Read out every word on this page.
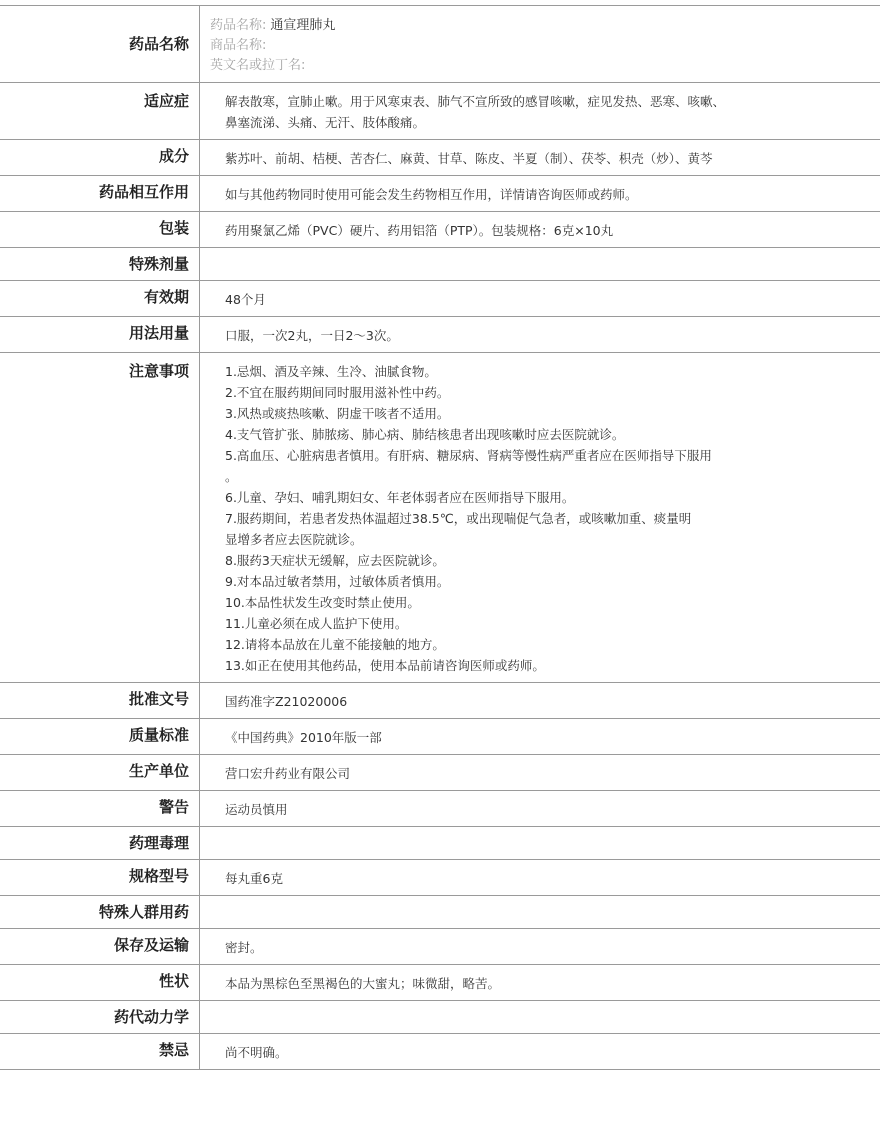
药品名称
药品名称: 通宣理肺丸
商品名称:
英文名或拉丁名:
适应症	解表散寒，宣肺止嗽。用于风寒束表、肺气不宣所致的感冒咳嗽，症见发热、恶寒、咳嗽、
鼻塞流涕、头痛、无汗、肢体酸痛。
成分	紫苏叶、前胡、桔梗、苦杏仁、麻黄、甘草、陈皮、半夏（制）、茯苓、枳壳（炒）、黄芩
药品相互作用	如与其他药物同时使用可能会发生药物相互作用，详情请咨询医师或药师。
包装	药用聚氯乙烯（PVC）硬片、药用铝箔（PTP）。包装规格：6克×10丸
特殊剂量
有效期	48个月
用法用量	口服，一次2丸，一日2～3次。
注意事项	1.忌烟、酒及辛辣、生冷、油腻食物。
2.不宜在服药期间同时服用滋补性中药。
3.风热或痰热咳嗽、阴虚干咳者不适用。
4.支气管扩张、肺脓疡、肺心病、肺结核患者出现咳嗽时应去医院就诊。
5.高血压、心脏病患者慎用。有肝病、糖尿病、肾病等慢性病严重者应在医师指导下服用
。
6.儿童、孕妇、哺乳期妇女、年老体弱者应在医师指导下服用。
7.服药期间，若患者发热体温超过38.5℃，或出现喘促气急者，或咳嗽加重、痰量明
显增多者应去医院就诊。
8.服药3天症状无缓解，应去医院就诊。
9.对本品过敏者禁用，过敏体质者慎用。
10.本品性状发生改变时禁止使用。
11.儿童必须在成人监护下使用。
12.请将本品放在儿童不能接触的地方。
13.如正在使用其他药品，使用本品前请咨询医师或药师。
批准文号	国药准字Z21020006
质量标准	《中国药典》2010年版一部
生产单位	营口宏升药业有限公司
警告	运动员慎用
药理毒理
规格型号	每丸重6克
特殊人群用药
保存及运输	密封。
性状	本品为黑棕色至黑褐色的大蜜丸；味微甜，略苦。
药代动力学
禁忌	尚不明确。
